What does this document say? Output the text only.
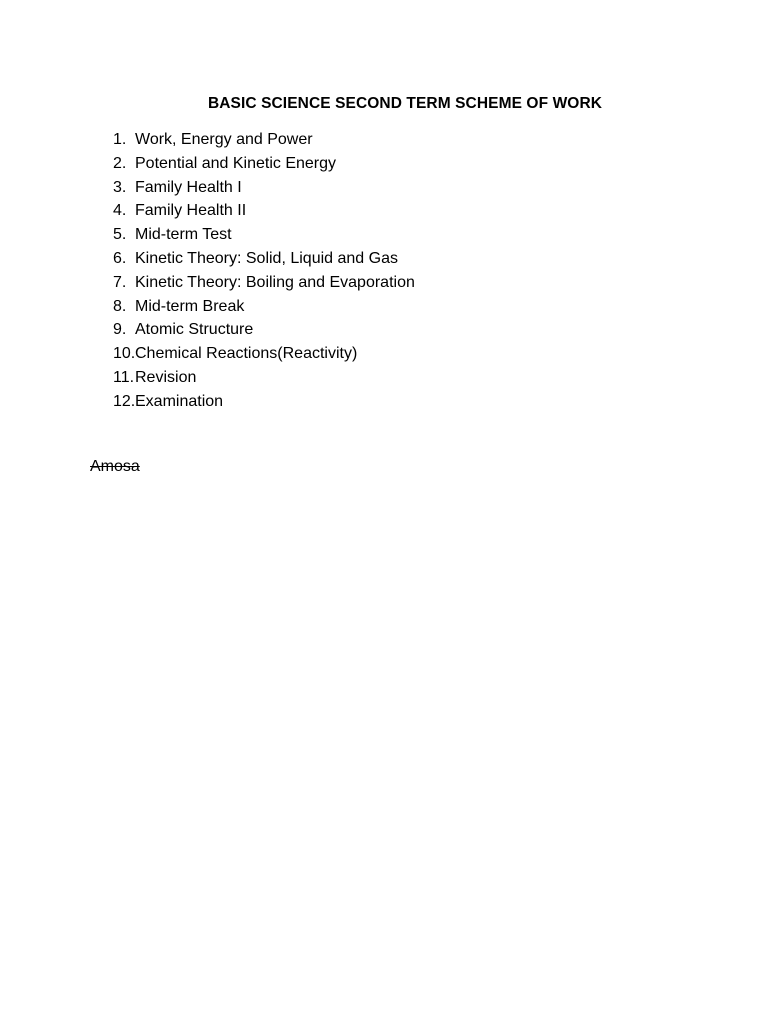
BASIC SCIENCE SECOND TERM SCHEME OF WORK
1. Work, Energy and Power
2. Potential and Kinetic Energy
3. Family Health I
4. Family Health II
5. Mid-term Test
6. Kinetic Theory: Solid, Liquid and Gas
7. Kinetic Theory: Boiling and Evaporation
8. Mid-term Break
9. Atomic Structure
10. Chemical Reactions(Reactivity)
11. Revision
12. Examination

Amosa
